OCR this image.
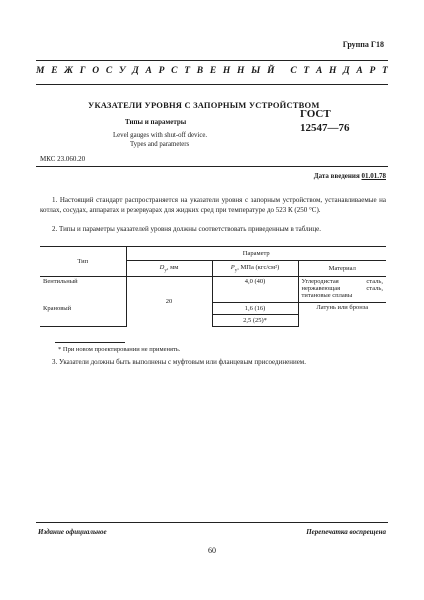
Группа Г18
М Е Ж Г О С У Д А Р С Т В Е Н Н Ы Й
С Т А Н Д А Р Т
УКАЗАТЕЛИ УРОВНЯ С ЗАПОРНЫМ УСТРОЙСТВОМ
Типы и параметры
Level gauges with shut-off device.
Types and parameters
ГОСТ
12547—76
МКС 23.060.20
Дата введения 01.01.78
1. Настоящий стандарт распространяется на указатели уровня с запорным устройством, устанавливаемые на котлах, сосудах, аппаратах и резервуарах для жидких сред при температуре до 523 К (250 °С).
2. Типы и параметры указателей уровня должны соответствовать приведенным в таблице.
Тип	Параметр		
	$D_y$, мм	$P_y$, МПа (кгс/см²)	Материал
Вентильный	20	4,0 (40)	Углеродистая сталь, нержавеющая сталь, титановые сплавы
Крановый		1,6 (16)	Латунь или бронза
		2,5 (25)*	
* При новом проектировании не применять.
3. Указатели должны быть выполнены с муфтовым или фланцевым присоединением.
Издание официальное	Перепечатка воспрещена
60
